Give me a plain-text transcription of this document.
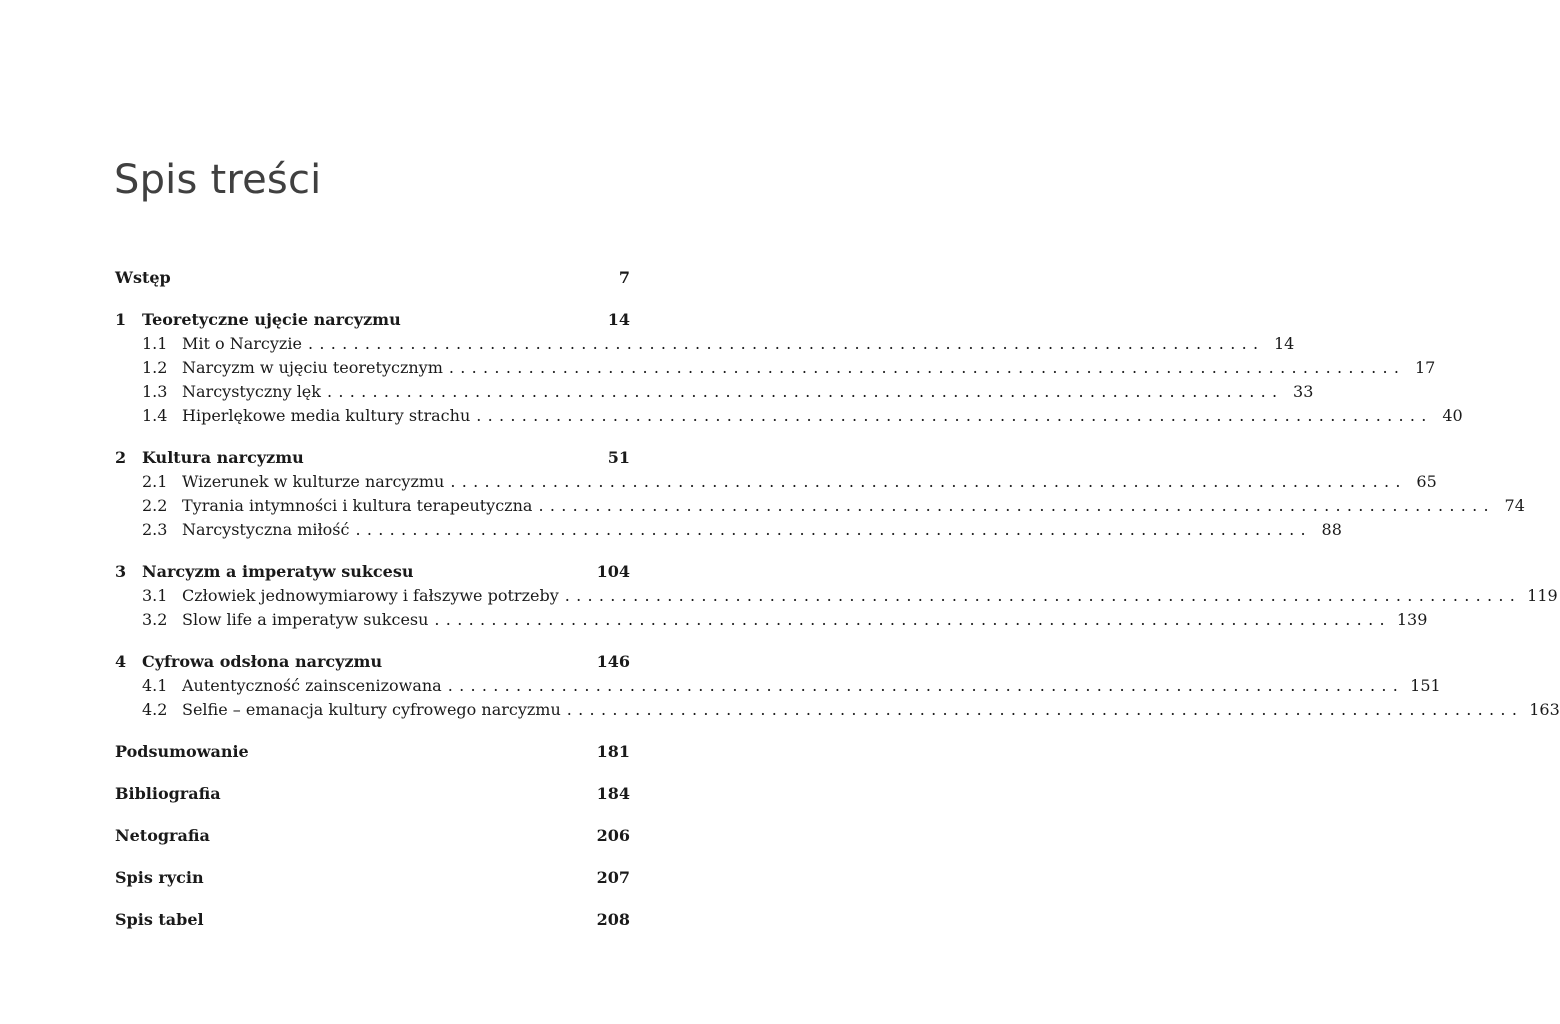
Spis treści
Wstęp	7
1 Teoretyczne ujęcie narcyzmu	14
1.1 Mit o Narcyzie .................................................................................... 14
1.2 Narcyzm w ujęciu teoretycznym .................................................................................... 17
1.3 Narcystyczny lęk .................................................................................... 33
1.4 Hiperlękowe media kultury strachu .................................................................................... 40
2 Kultura narcyzmu	51
2.1 Wizerunek w kulturze narcyzmu .................................................................................... 65
2.2 Tyrania intymności i kultura terapeutyczna .................................................................................... 74
2.3 Narcystyczna miłość .................................................................................... 88
3 Narcyzm a imperatyw sukcesu	104
3.1 Człowiek jednowymiarowy i fałszywe potrzeby .................................................................................... 119
3.2 Slow life a imperatyw sukcesu .................................................................................... 139
4 Cyfrowa odsłona narcyzmu	146
4.1 Autentyczność zainscenizowana .................................................................................... 151
4.2 Selfie – emanacja kultury cyfrowego narcyzmu .................................................................................... 163
Podsumowanie	181
Bibliografia	184
Netografia	206
Spis rycin	207
Spis tabel	208
